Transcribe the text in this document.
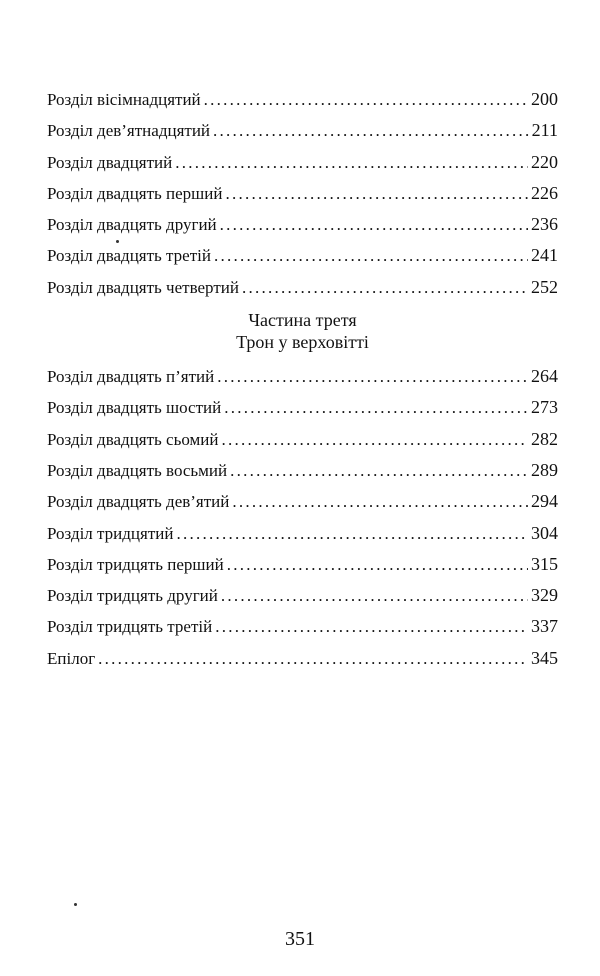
Розділ вісімнадцятий . . .	200
Розділ дев’ятнадцятий . . .	211
Розділ двадцятий . . .	220
Розділ двадцять перший . . .	226
Розділ двадцять другий . . .	236
Розділ двадцять третій . . .	241
Розділ двадцять четвертий . . .	252
Частина третя
Трон у верховітті
Розділ двадцять п’ятий . . .	264
Розділ двадцять шостий . . .	273
Розділ двадцять сьомий . . .	282
Розділ двадцять восьмий . . .	289
Розділ двадцять дев’ятий . . .	294
Розділ тридцятий . . .	304
Розділ тридцять перший . . .	315
Розділ тридцять другий . . .	329
Розділ тридцять третій . . .	337
Епілог . . .	345
351
